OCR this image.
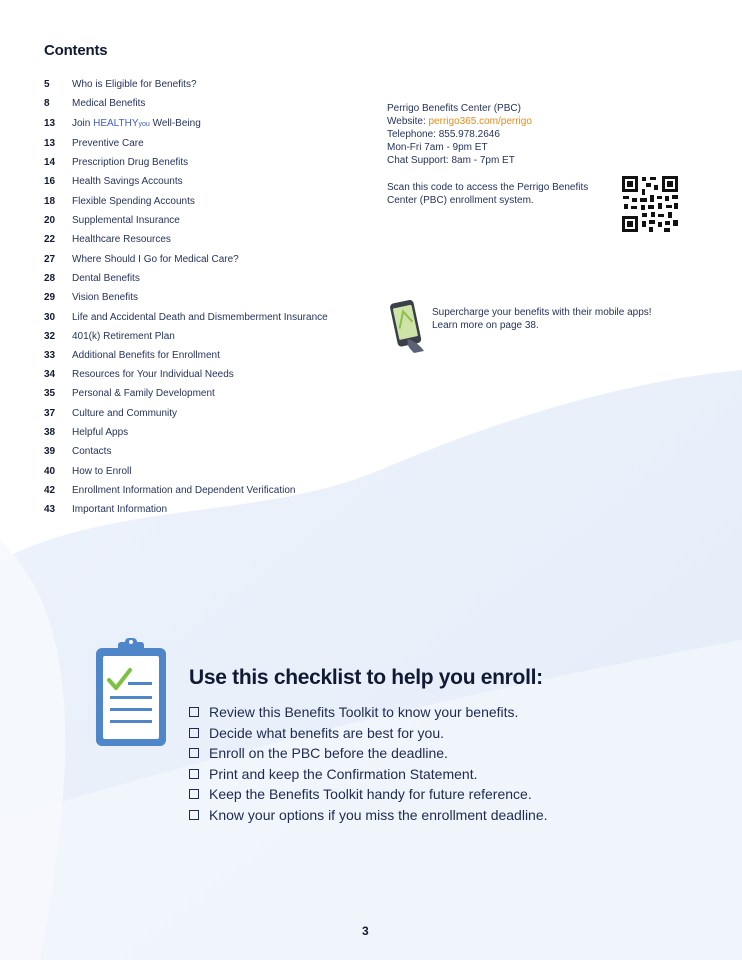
Contents
5	Who is Eligible for Benefits?
8	Medical Benefits
13	Join HEALTHYyou Well-Being
13	Preventive Care
14	Prescription Drug Benefits
16	Health Savings Accounts
18	Flexible Spending Accounts
20	Supplemental Insurance
22	Healthcare Resources
27	Where Should I Go for Medical Care?
28	Dental Benefits
29	Vision Benefits
30	Life and Accidental Death and Dismemberment Insurance
32	401(k) Retirement Plan
33	Additional Benefits for Enrollment
34	Resources for Your Individual Needs
35	Personal & Family Development
37	Culture and Community
38	Helpful Apps
39	Contacts
40	How to Enroll
42	Enrollment Information and Dependent Verification
43	Important Information
Perrigo Benefits Center (PBC)
Website: perrigo365.com/perrigo
Telephone: 855.978.2646
Mon-Fri 7am - 9pm ET
Chat Support: 8am - 7pm ET
Scan this code to access the Perrigo Benefits Center (PBC) enrollment system.
Supercharge your benefits with their mobile apps! Learn more on page 38.
Use this checklist to help you enroll:
Review this Benefits Toolkit to know your benefits.
Decide what benefits are best for you.
Enroll on the PBC before the deadline.
Print and keep the Confirmation Statement.
Keep the Benefits Toolkit handy for future reference.
Know your options if you miss the enrollment deadline.
3
